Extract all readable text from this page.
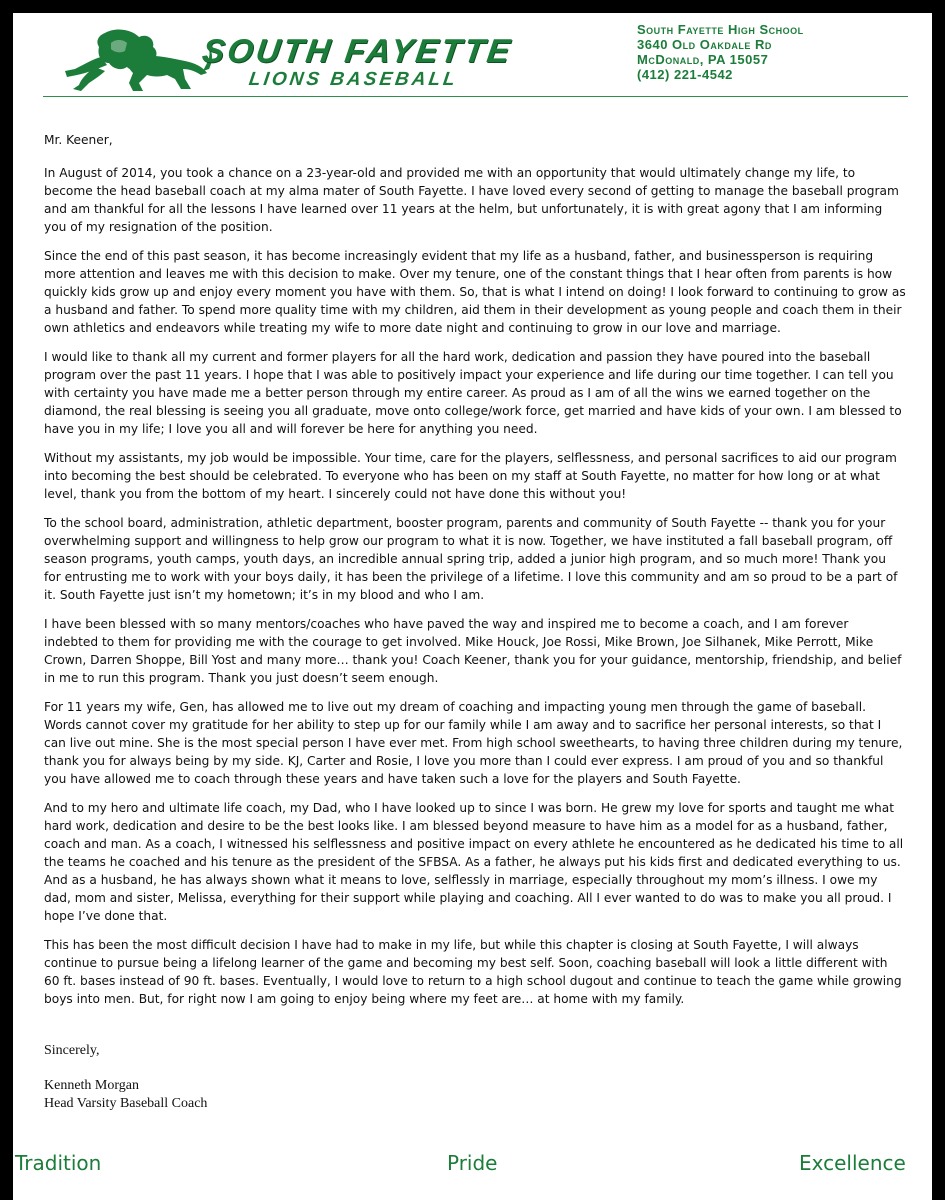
SOUTH FAYETTE
LIONS BASEBALL
South Fayette High School
3640 Old Oakdale Rd
McDonald, PA 15057
(412) 221-4542

Mr. Keener,

In August of 2014, you took a chance on a 23-year-old and provided me with an opportunity that would ultimately change my life, to become the head baseball coach at my alma mater of South Fayette. I have loved every second of getting to manage the baseball program and am thankful for all the lessons I have learned over 11 years at the helm, but unfortunately, it is with great agony that I am informing you of my resignation of the position.

Since the end of this past season, it has become increasingly evident that my life as a husband, father, and businessperson is requiring more attention and leaves me with this decision to make. Over my tenure, one of the constant things that I hear often from parents is how quickly kids grow up and enjoy every moment you have with them. So, that is what I intend on doing! I look forward to continuing to grow as a husband and father. To spend more quality time with my children, aid them in their development as young people and coach them in their own athletics and endeavors while treating my wife to more date night and continuing to grow in our love and marriage.

I would like to thank all my current and former players for all the hard work, dedication and passion they have poured into the baseball program over the past 11 years. I hope that I was able to positively impact your experience and life during our time together. I can tell you with certainty you have made me a better person through my entire career. As proud as I am of all the wins we earned together on the diamond, the real blessing is seeing you all graduate, move onto college/work force, get married and have kids of your own. I am blessed to have you in my life; I love you all and will forever be here for anything you need.

Without my assistants, my job would be impossible. Your time, care for the players, selflessness, and personal sacrifices to aid our program into becoming the best should be celebrated. To everyone who has been on my staff at South Fayette, no matter for how long or at what level, thank you from the bottom of my heart. I sincerely could not have done this without you!

To the school board, administration, athletic department, booster program, parents and community of South Fayette -- thank you for your overwhelming support and willingness to help grow our program to what it is now. Together, we have instituted a fall baseball program, off season programs, youth camps, youth days, an incredible annual spring trip, added a junior high program, and so much more! Thank you for entrusting me to work with your boys daily, it has been the privilege of a lifetime. I love this community and am so proud to be a part of it. South Fayette just isn’t my hometown; it’s in my blood and who I am.

I have been blessed with so many mentors/coaches who have paved the way and inspired me to become a coach, and I am forever indebted to them for providing me with the courage to get involved. Mike Houck, Joe Rossi, Mike Brown, Joe Silhanek, Mike Perrott, Mike Crown, Darren Shoppe, Bill Yost and many more… thank you! Coach Keener, thank you for your guidance, mentorship, friendship, and belief in me to run this program. Thank you just doesn’t seem enough.

For 11 years my wife, Gen, has allowed me to live out my dream of coaching and impacting young men through the game of baseball. Words cannot cover my gratitude for her ability to step up for our family while I am away and to sacrifice her personal interests, so that I can live out mine. She is the most special person I have ever met. From high school sweethearts, to having three children during my tenure, thank you for always being by my side. KJ, Carter and Rosie, I love you more than I could ever express. I am proud of you and so thankful you have allowed me to coach through these years and have taken such a love for the players and South Fayette.

And to my hero and ultimate life coach, my Dad, who I have looked up to since I was born. He grew my love for sports and taught me what hard work, dedication and desire to be the best looks like. I am blessed beyond measure to have him as a model for as a husband, father, coach and man. As a coach, I witnessed his selflessness and positive impact on every athlete he encountered as he dedicated his time to all the teams he coached and his tenure as the president of the SFBSA. As a father, he always put his kids first and dedicated everything to us. And as a husband, he has always shown what it means to love, selflessly in marriage, especially throughout my mom’s illness. I owe my dad, mom and sister, Melissa, everything for their support while playing and coaching. All I ever wanted to do was to make you all proud. I hope I’ve done that.

This has been the most difficult decision I have had to make in my life, but while this chapter is closing at South Fayette, I will always continue to pursue being a lifelong learner of the game and becoming my best self. Soon, coaching baseball will look a little different with 60 ft. bases instead of 90 ft. bases. Eventually, I would love to return to a high school dugout and continue to teach the game while growing boys into men. But, for right now I am going to enjoy being where my feet are… at home with my family.

Sincerely,
Kenneth Morgan
Head Varsity Baseball Coach
Tradition	Pride	Excellence
